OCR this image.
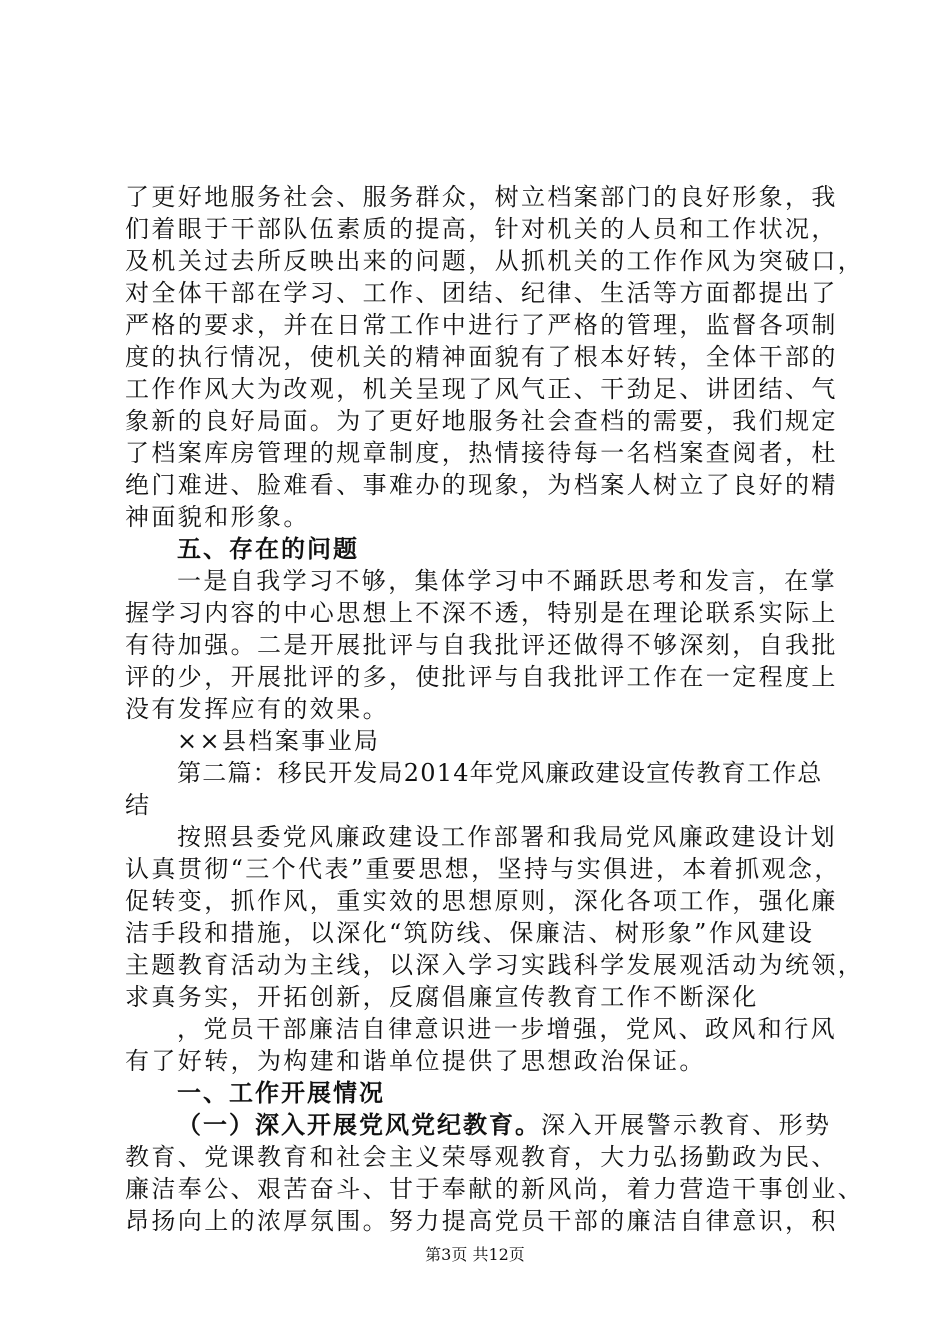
了更好地服务社会、服务群众，树立档案部门的良好形象，我
们着眼于干部队伍素质的提高，针对机关的人员和工作状况，
及机关过去所反映出来的问题，从抓机关的工作作风为突破口，
对全体干部在学习、工作、团结、纪律、生活等方面都提出了
严格的要求，并在日常工作中进行了严格的管理，监督各项制
度的执行情况，使机关的精神面貌有了根本好转，全体干部的
工作作风大为改观，机关呈现了风气正、干劲足、讲团结、气
象新的良好局面。为了更好地服务社会查档的需要，我们规定
了档案库房管理的规章制度，热情接待每一名档案查阅者，杜
绝门难进、脸难看、事难办的现象，为档案人树立了良好的精
神面貌和形象。
五、存在的问题
一是自我学习不够，集体学习中不踊跃思考和发言，在掌
握学习内容的中心思想上不深不透，特别是在理论联系实际上
有待加强。二是开展批评与自我批评还做得不够深刻，自我批
评的少，开展批评的多，使批评与自我批评工作在一定程度上
没有发挥应有的效果。
××县档案事业局
第二篇：移民开发局2014年党风廉政建设宣传教育工作总
结
按照县委党风廉政建设工作部署和我局党风廉政建设计划
认真贯彻“三个代表”重要思想，坚持与实俱进，本着抓观念，
促转变，抓作风，重实效的思想原则，深化各项工作，强化廉
洁手段和措施，以深化“筑防线、保廉洁、树形象”作风建设
主题教育活动为主线，以深入学习实践科学发展观活动为统领，
求真务实，开拓创新，反腐倡廉宣传教育工作不断深化
，党员干部廉洁自律意识进一步增强，党风、政风和行风
有了好转，为构建和谐单位提供了思想政治保证。
一、工作开展情况
（一）深入开展党风党纪教育。深入开展警示教育、形势
教育、党课教育和社会主义荣辱观教育，大力弘扬勤政为民、
廉洁奉公、艰苦奋斗、甘于奉献的新风尚，着力营造干事创业、
昂扬向上的浓厚氛围。努力提高党员干部的廉洁自律意识，积
第3页 共12页
